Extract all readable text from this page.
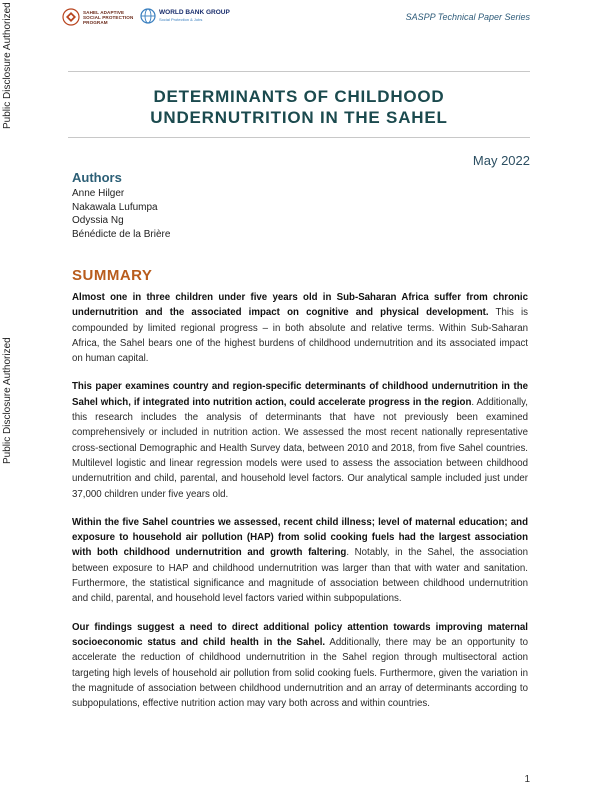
Public Disclosure Authorized
Public Disclosure Authorized
SAHEL ADAPTIVE
SOCIAL PROTECTION
PROGRAM
WORLD BANK GROUP
Social Protection & Jobs	SASPP Technical Paper Series
DETERMINANTS OF CHILDHOOD
UNDERNUTRITION IN THE SAHEL
May 2022
Authors
Anne Hilger
Nakawala Lufumpa
Odyssia Ng
Bénédicte de la Brière
SUMMARY

Almost one in three children under five years old in Sub-Saharan Africa suffer from chronic undernutrition and the associated impact on cognitive and physical development. This is compounded by limited regional progress – in both absolute and relative terms. Within Sub-Saharan Africa, the Sahel bears one of the highest burdens of childhood undernutrition and its associated impact on human capital.

This paper examines country and region-specific determinants of childhood undernutrition in the Sahel which, if integrated into nutrition action, could accelerate progress in the region. Additionally, this research includes the analysis of determinants that have not previously been examined comprehensively or included in nutrition action. We assessed the most recent nationally representative cross-sectional Demographic and Health Survey data, between 2010 and 2018, from five Sahel countries. Multilevel logistic and linear regression models were used to assess the association between childhood undernutrition and child, parental, and household level factors. Our analytical sample included just under 37,000 children under five years old.

Within the five Sahel countries we assessed, recent child illness; level of maternal education; and exposure to household air pollution (HAP) from solid cooking fuels had the largest association with both childhood undernutrition and growth faltering. Notably, in the Sahel, the association between exposure to HAP and childhood undernutrition was larger than that with water and sanitation. Furthermore, the statistical significance and magnitude of association between childhood undernutrition and child, parental, and household level factors varied within subpopulations.

Our findings suggest a need to direct additional policy attention towards improving maternal socioeconomic status and child health in the Sahel. Additionally, there may be an opportunity to accelerate the reduction of childhood undernutrition in the Sahel region through multisectoral action targeting high levels of household air pollution from solid cooking fuels. Furthermore, given the variation in the magnitude of association between childhood undernutrition and an array of determinants according to subpopulations, effective nutrition action may vary both across and within countries.

1
